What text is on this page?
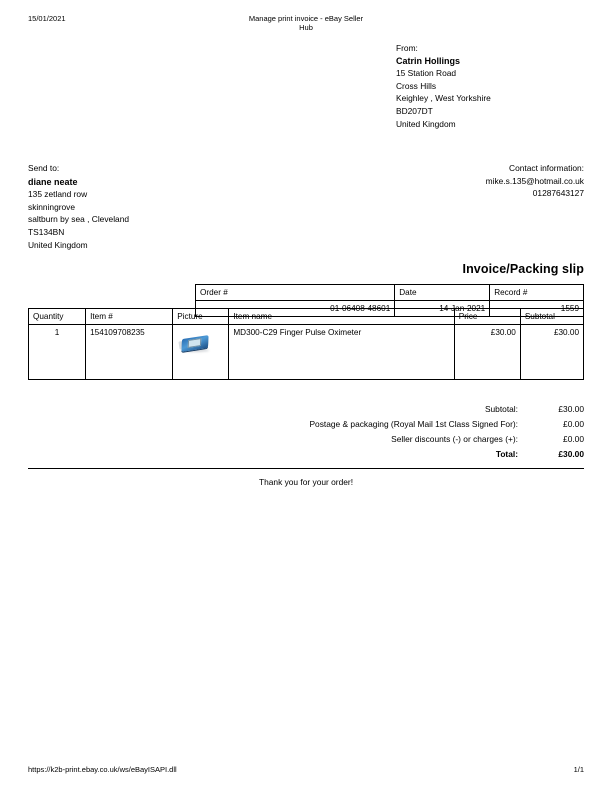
15/01/2021	Manage print invoice - eBay Seller Hub
From:
Catrin Hollings
15 Station Road
Cross Hills
Keighley , West Yorkshire
BD207DT
United Kingdom
Send to:
diane neate
135 zetland row
skinningrove
saltburn by sea , Cleveland
TS134BN
United Kingdom
Contact information:
mike.s.135@hotmail.co.uk
01287643127
Invoice/Packing slip
Order #	Date	Record #
01-06408-48601	14-Jan-2021	1559
Quantity	Item #	Picture	Item name	Price	Subtotal
1	154109708235		MD300-C29 Finger Pulse Oximeter	£30.00	£30.00
Subtotal:	£30.00
Postage & packaging (Royal Mail 1st Class Signed For):	£0.00
Seller discounts (-) or charges (+):	£0.00
Total:	£30.00
Thank you for your order!
https://k2b-print.ebay.co.uk/ws/eBayISAPI.dll	1/1
